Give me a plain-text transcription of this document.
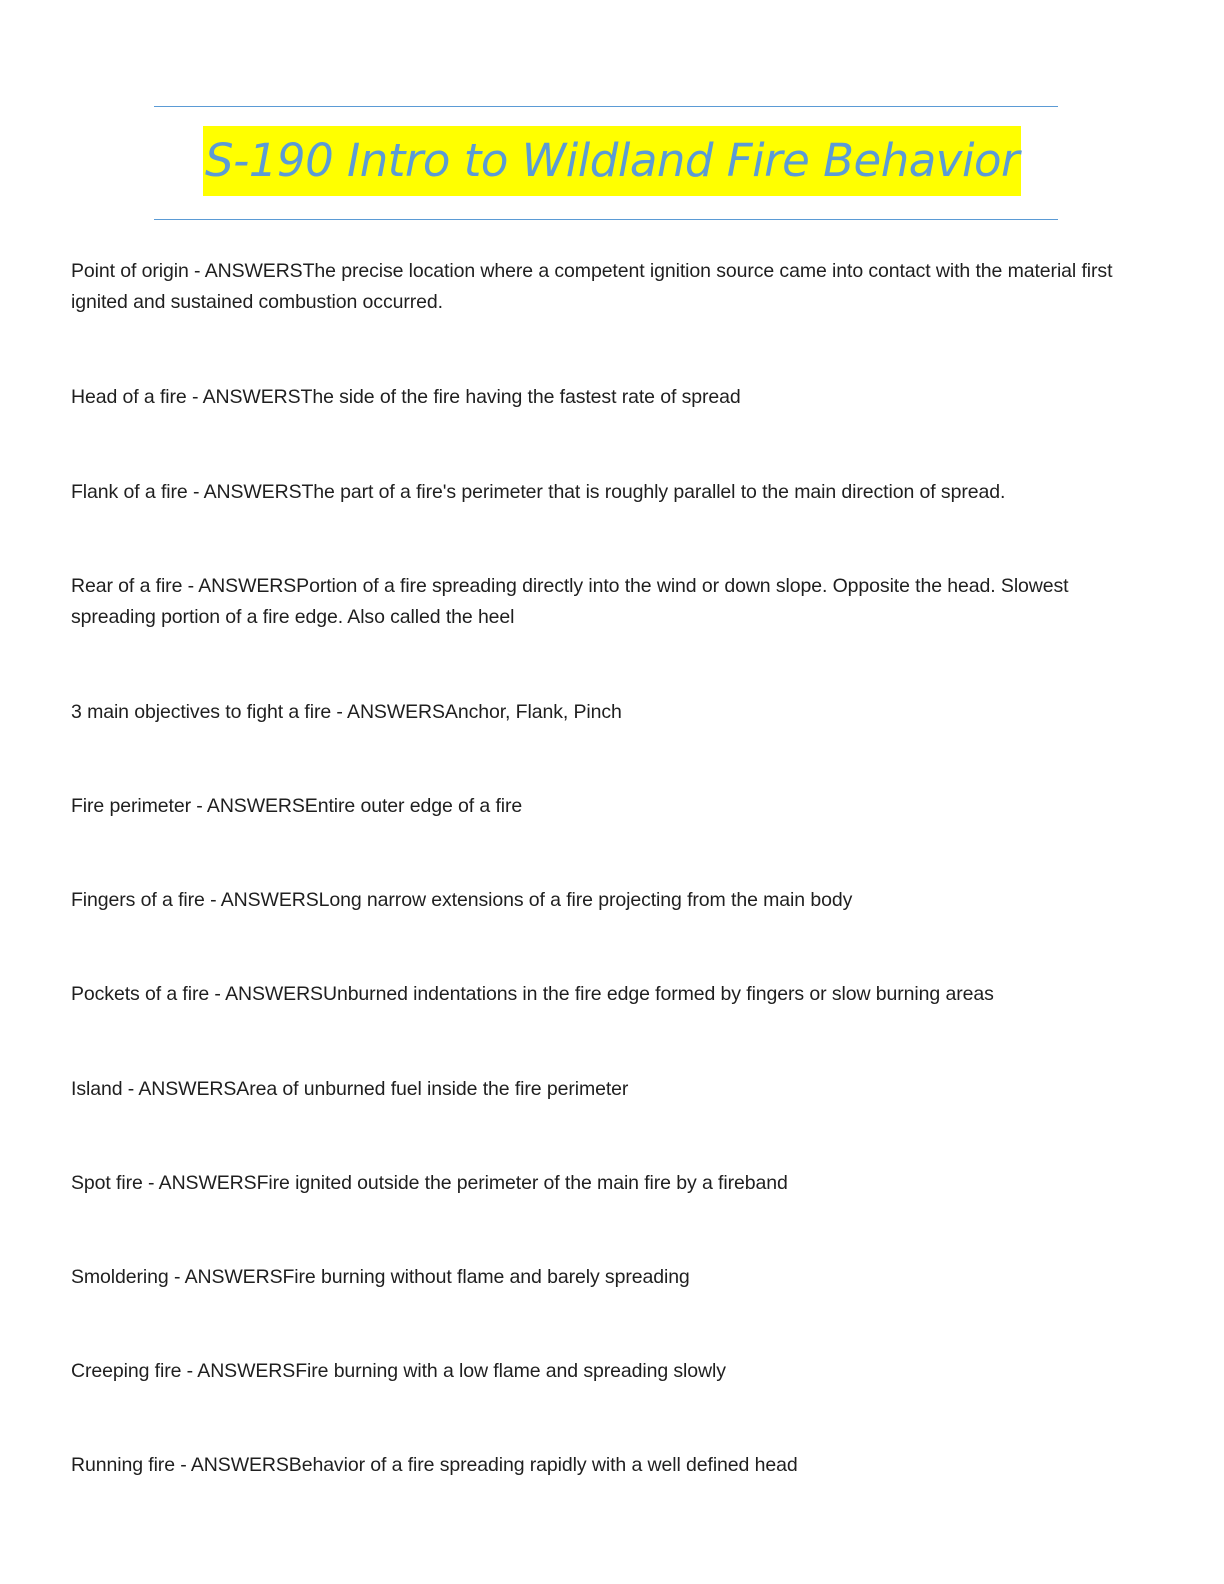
S-190 Intro to Wildland Fire Behavior
Point of origin - ANSWERSThe precise location where a competent ignition source came into contact with the material first ignited and sustained combustion occurred.
Head of a fire - ANSWERSThe side of the fire having the fastest rate of spread
Flank of a fire - ANSWERSThe part of a fire's perimeter that is roughly parallel to the main direction of spread.
Rear of a fire - ANSWERSPortion of a fire spreading directly into the wind or down slope. Opposite the head. Slowest spreading portion of a fire edge. Also called the heel
3 main objectives to fight a fire - ANSWERSAnchor, Flank, Pinch
Fire perimeter - ANSWERSEntire outer edge of a fire
Fingers of a fire - ANSWERSLong narrow extensions of a fire projecting from the main body
Pockets of a fire - ANSWERSUnburned indentations in the fire edge formed by fingers or slow burning areas
Island - ANSWERSArea of unburned fuel inside the fire perimeter
Spot fire - ANSWERSFire ignited outside the perimeter of the main fire by a fireband
Smoldering - ANSWERSFire burning without flame and barely spreading
Creeping fire - ANSWERSFire burning with a low flame and spreading slowly
Running fire - ANSWERSBehavior of a fire spreading rapidly with a well defined head
